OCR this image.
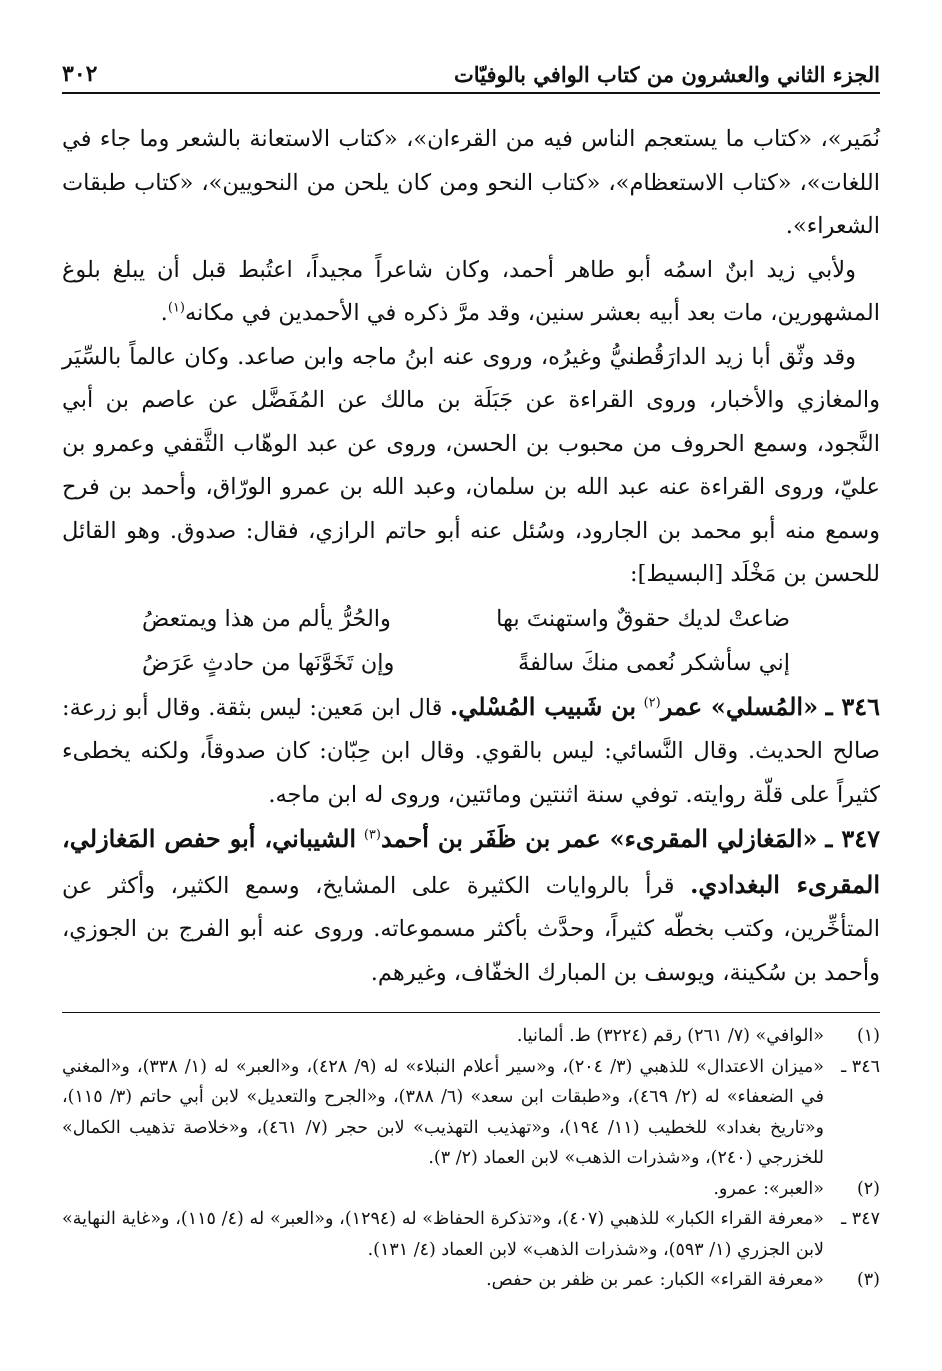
الجزء الثاني والعشرون من كتاب الوافي بالوفيّات
٣٠٢

نُمَير»، «كتاب ما يستعجم الناس فيه من القرءان»، «كتاب الاستعانة بالشعر وما جاء في اللغات»، «كتاب الاستعظام»، «كتاب النحو ومن كان يلحن من النحويين»، «كتاب طبقات الشعراء».

ولأبي زيد ابنٌ اسمُه أبو طاهر أحمد، وكان شاعراً مجيداً، اعتُبط قبل أن يبلغ بلوغ المشهورين، مات بعد أبيه بعشر سنين، وقد مرَّ ذكره في الأحمدين في مكانه$^{(١)}$.

وقد وثّق أبا زيد الدارَقُطنيُّ وغيرُه، وروى عنه ابنُ ماجه وابن صاعد. وكان عالماً بالسِّيَر والمغازي والأخبار، وروى القراءة عن جَبَلَة بن مالك عن المُفَضَّل عن عاصم بن أبي النَّجود، وسمع الحروف من محبوب بن الحسن، وروى عن عبد الوهّاب الثَّقفي وعمرو بن عليّ، وروى القراءة عنه عبد الله بن سلمان، وعبد الله بن عمرو الورّاق، وأحمد بن فرح وسمع منه أبو محمد بن الجارود، وسُئل عنه أبو حاتم الرازي، فقال: صدوق. وهو القائل للحسن بن مَخْلَد [البسيط]:

ضاعتْ لديك حقوقٌ واستهنتَ بها
والحُرُّ يألم من هذا ويمتعضُ
إني سأشكر نُعمى منكَ سالفةً
وإن تَخَوَّنَها من حادثٍ عَرَضُ

٣٤٦ ـ «المُسلي» عمر$^{(٢)}$ بن شَبيب المُسْلي. قال ابن مَعين: ليس بثقة. وقال أبو زرعة: صالح الحديث. وقال النَّسائي: ليس بالقوي. وقال ابن حِبّان: كان صدوقاً، ولكنه يخطىء كثيراً على قلّة روايته. توفي سنة اثنتين ومائتين، وروى له ابن ماجه.

٣٤٧ ـ «المَغازلي المقرىء» عمر بن ظَفَر بن أحمد$^{(٣)}$ الشيباني، أبو حفص المَغازلي، المقرىء البغدادي. قرأ بالروايات الكثيرة على المشايخ، وسمع الكثير، وأكثر عن المتأخِّرين، وكتب بخطّه كثيراً، وحدَّث بأكثر مسموعاته. وروى عنه أبو الفرج بن الجوزي، وأحمد بن سُكينة، ويوسف بن المبارك الخفّاف، وغيرهم.

(١)
«الوافي» (٧/ ٢٦١) رقم (٣٢٢٤) ط. ألمانيا.
٣٤٦ ـ
«ميزان الاعتدال» للذهبي (٣/ ٢٠٤)، و«سير أعلام النبلاء» له (٩/ ٤٢٨)، و«العبر» له (١/ ٣٣٨)، و«المغني في الضعفاء» له (٢/ ٤٦٩)، و«طبقات ابن سعد» (٦/ ٣٨٨)، و«الجرح والتعديل» لابن أبي حاتم (٣/ ١١٥)، و«تاريخ بغداد» للخطيب (١١/ ١٩٤)، و«تهذيب التهذيب» لابن حجر (٧/ ٤٦١)، و«خلاصة تذهيب الكمال» للخزرجي (٢٤٠)، و«شذرات الذهب» لابن العماد (٢/ ٣).
(٢)
«العبر»: عمرو.
٣٤٧ ـ
«معرفة القراء الكبار» للذهبي (٤٠٧)، و«تذكرة الحفاظ» له (١٢٩٤)، و«العبر» له (٤/ ١١٥)، و«غاية النهاية» لابن الجزري (١/ ٥٩٣)، و«شذرات الذهب» لابن العماد (٤/ ١٣١).
(٣)
«معرفة القراء» الكبار: عمر بن ظفر بن حفص.
